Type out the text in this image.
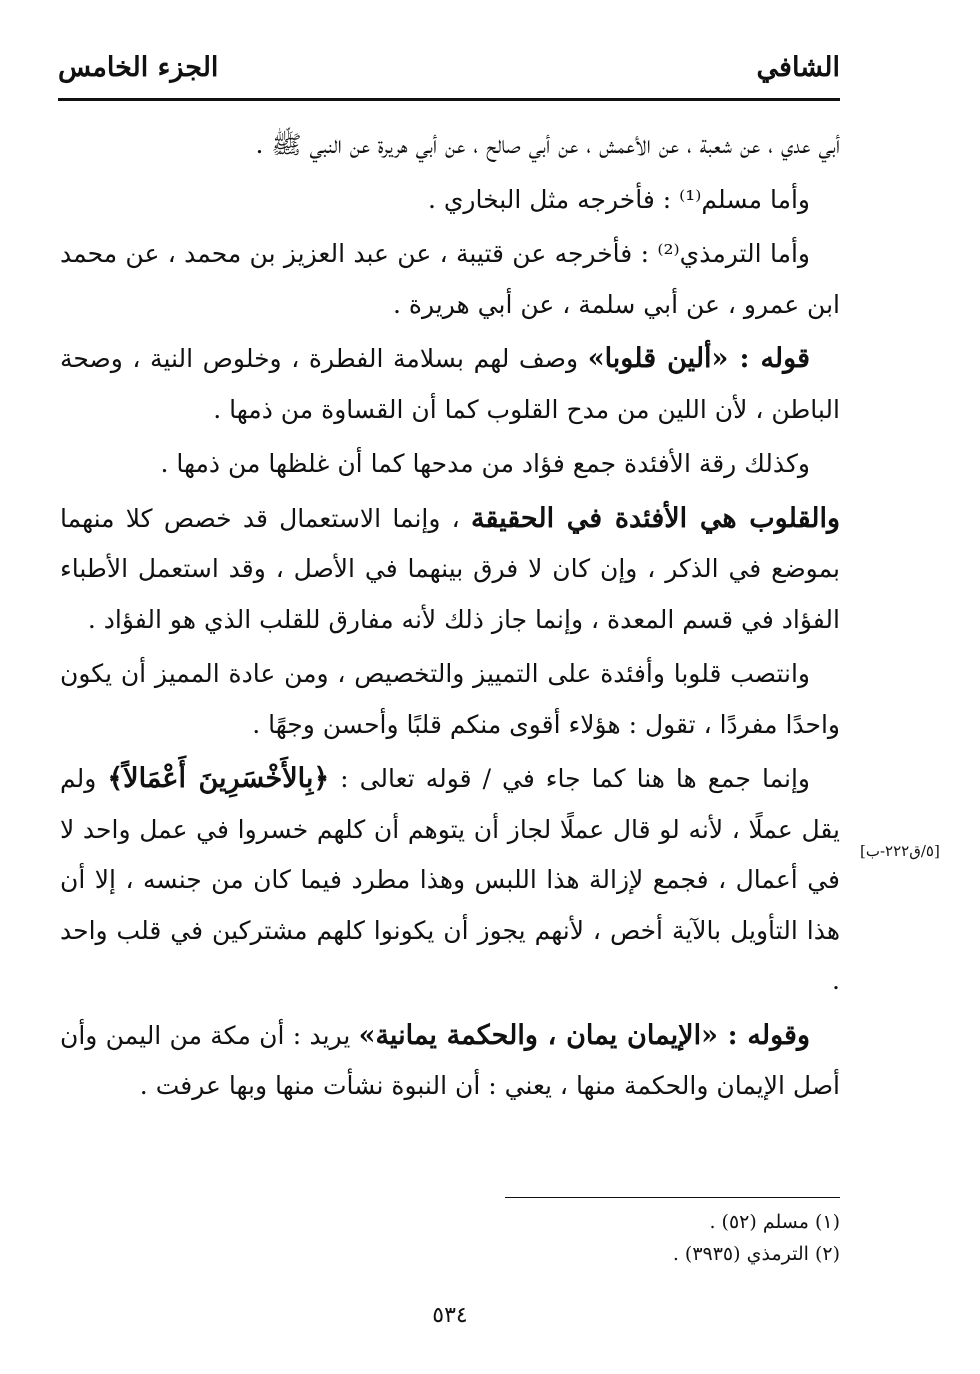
الشافي
الجزء الخامس

أبي عدي ، عن شعبة ، عن الأعمش ، عن أبي صالح ، عن أبي هريرة عن النبي ﷺ .

وأما مسلم⁽¹⁾ : فأخرجه مثل البخاري .

وأما الترمذي⁽²⁾ : فأخرجه عن قتيبة ، عن عبد العزيز بن محمد ، عن محمد ابن عمرو ، عن أبي سلمة ، عن أبي هريرة .

قوله : «ألين قلوبا» وصف لهم بسلامة الفطرة ، وخلوص النية ، وصحة الباطن ، لأن اللين من مدح القلوب كما أن القساوة من ذمها .

وكذلك رقة الأفئدة جمع فؤاد من مدحها كما أن غلظها من ذمها .

والقلوب هي الأفئدة في الحقيقة ، وإنما الاستعمال قد خصص كلا منهما بموضع في الذكر ، وإن كان لا فرق بينهما في الأصل ، وقد استعمل الأطباء الفؤاد في قسم المعدة ، وإنما جاز ذلك لأنه مفارق للقلب الذي هو الفؤاد .

وانتصب قلوبا وأفئدة على التمييز والتخصيص ، ومن عادة المميز أن يكون واحدًا مفردًا ، تقول : هؤلاء أقوى منكم قلبًا وأحسن وجهًا .

وإنما جمع ها هنا كما جاء في / قوله تعالى : ﴿بِالأَخْسَرِينَ أَعْمَالاً﴾ ولم يقل عملًا ، لأنه لو قال عملًا لجاز أن يتوهم أن كلهم خسروا في عمل واحد لا في أعمال ، فجمع لإزالة هذا اللبس وهذا مطرد فيما كان من جنسه ، إلا أن هذا التأويل بالآية أخص ، لأنهم يجوز أن يكونوا كلهم مشتركين في قلب واحد .

وقوله : «الإيمان يمان ، والحكمة يمانية» يريد : أن مكة من اليمن وأن أصل الإيمان والحكمة منها ، يعني : أن النبوة نشأت منها وبها عرفت .

[٥/ق٢٢٢-ب]
(١) مسلم (٥٢) .
(٢) الترمذي (٣٩٣٥) .
٥٣٤
